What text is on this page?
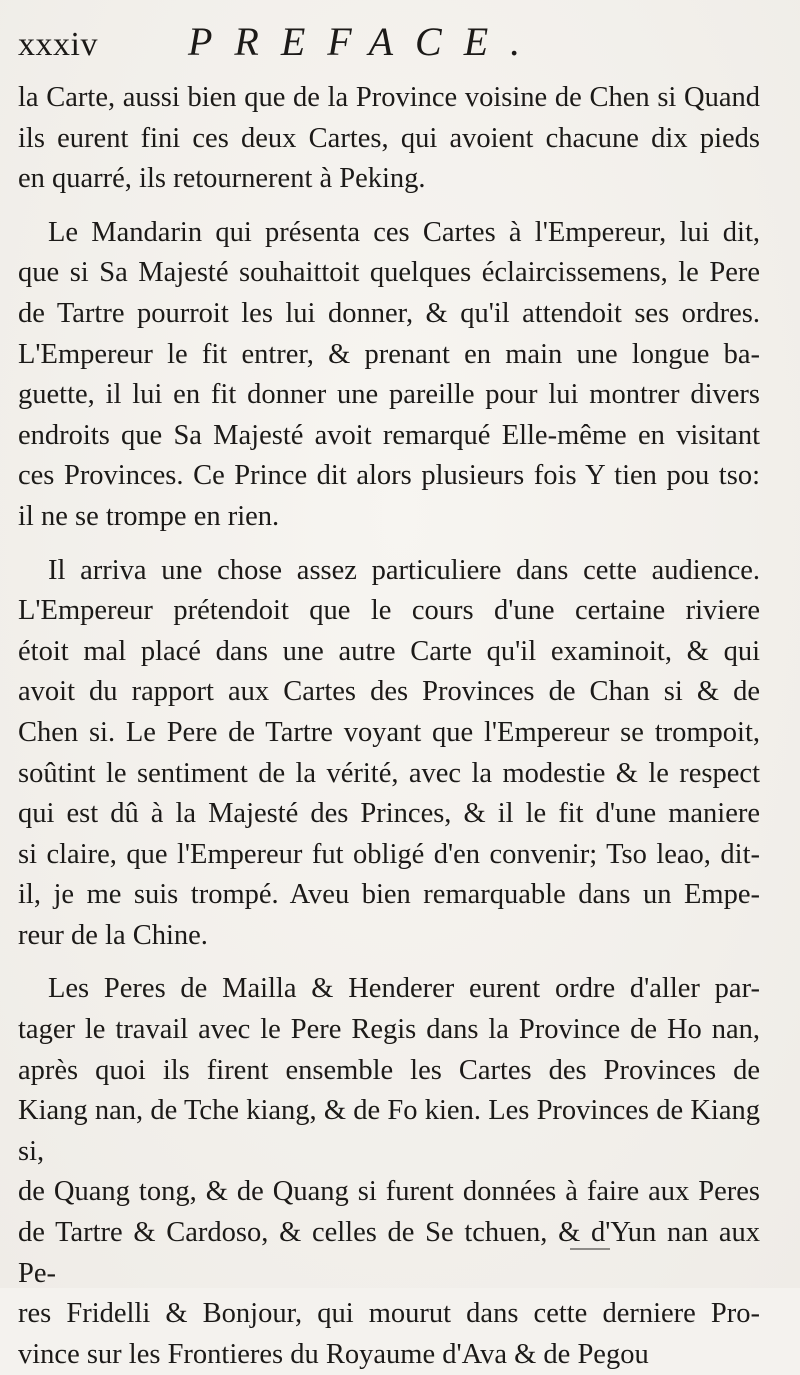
xxxiv	PREFACE.
la Carte, aussi bien que de la Province voisine de Chen si Quand
ils eurent fini ces deux Cartes, qui avoient chacune dix pieds
en quarré, ils retournerent à Peking.
Le Mandarin qui présenta ces Cartes à l'Empereur, lui dit,
que si Sa Majesté souhaittoit quelques éclaircissemens, le Pere
de Tartre pourroit les lui donner, & qu'il attendoit ses ordres.
L'Empereur le fit entrer, & prenant en main une longue ba-
guette, il lui en fit donner une pareille pour lui montrer divers
endroits que Sa Majesté avoit remarqué Elle-même en visitant
ces Provinces. Ce Prince dit alors plusieurs fois Y tien pou tso:
il ne se trompe en rien.
Il arriva une chose assez particuliere dans cette audience.
L'Empereur prétendoit que le cours d'une certaine riviere
étoit mal placé dans une autre Carte qu'il examinoit, & qui
avoit du rapport aux Cartes des Provinces de Chan si & de
Chen si. Le Pere de Tartre voyant que l'Empereur se trompoit,
soûtint le sentiment de la vérité, avec la modestie & le respect
qui est dû à la Majesté des Princes, & il le fit d'une maniere
si claire, que l'Empereur fut obligé d'en convenir; Tso leao, dit-
il, je me suis trompé. Aveu bien remarquable dans un Empe-
reur de la Chine.
Les Peres de Mailla & Henderer eurent ordre d'aller par-
tager le travail avec le Pere Regis dans la Province de Ho nan,
après quoi ils firent ensemble les Cartes des Provinces de
Kiang nan, de Tche kiang, & de Fo kien. Les Provinces de Kiang si,
de Quang tong, & de Quang si furent données à faire aux Peres
de Tartre & Cardoso, & celles de Se tchuen, & d'Yun nan aux Pe-
res Fridelli & Bonjour, qui mourut dans cette derniere Pro-
vince sur les Frontieres du Royaume d'Ava & de Pegou
